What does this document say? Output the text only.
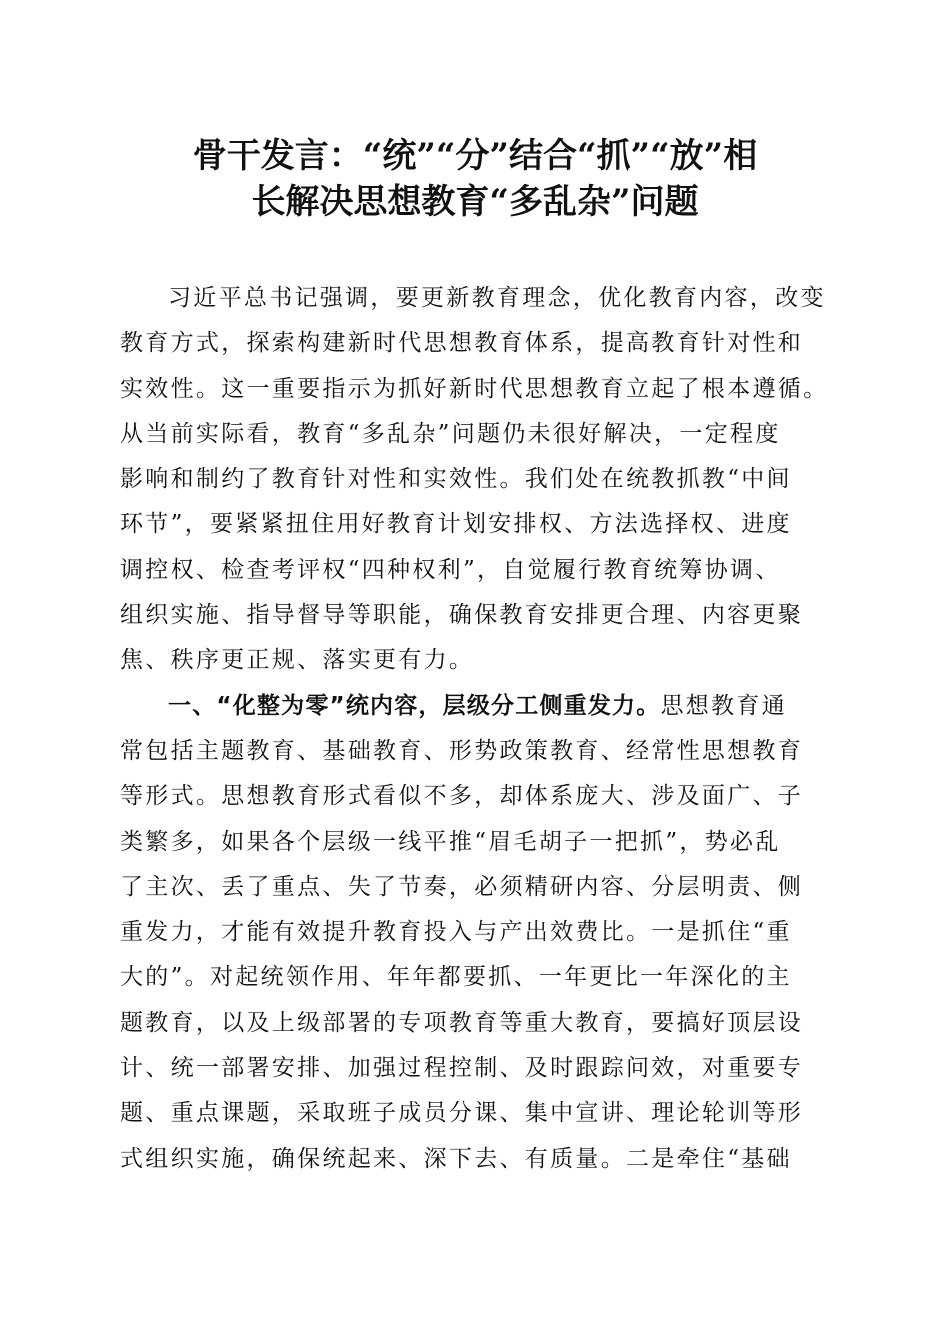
骨干发言：“统”“分”结合“抓”“放”相
长解决思想教育“多乱杂”问题
习近平总书记强调，要更新教育理念，优化教育内容，改变
教育方式，探索构建新时代思想教育体系，提高教育针对性和
实效性。这一重要指示为抓好新时代思想教育立起了根本遵循。
从当前实际看，教育“多乱杂”问题仍未很好解决，一定程度
影响和制约了教育针对性和实效性。我们处在统教抓教“中间
环节”，要紧紧扭住用好教育计划安排权、方法选择权、进度
调控权、检查考评权“四种权利”，自觉履行教育统筹协调、
组织实施、指导督导等职能，确保教育安排更合理、内容更聚
焦、秩序更正规、落实更有力。
一、“化整为零”统内容，层级分工侧重发力。思想教育通
常包括主题教育、基础教育、形势政策教育、经常性思想教育
等形式。思想教育形式看似不多，却体系庞大、涉及面广、子
类繁多，如果各个层级一线平推“眉毛胡子一把抓”，势必乱
了主次、丢了重点、失了节奏，必须精研内容、分层明责、侧
重发力，才能有效提升教育投入与产出效费比。一是抓住“重
大的”。对起统领作用、年年都要抓、一年更比一年深化的主
题教育，以及上级部署的专项教育等重大教育，要搞好顶层设
计、统一部署安排、加强过程控制、及时跟踪问效，对重要专
题、重点课题，采取班子成员分课、集中宣讲、理论轮训等形
式组织实施，确保统起来、深下去、有质量。二是牵住“基础
